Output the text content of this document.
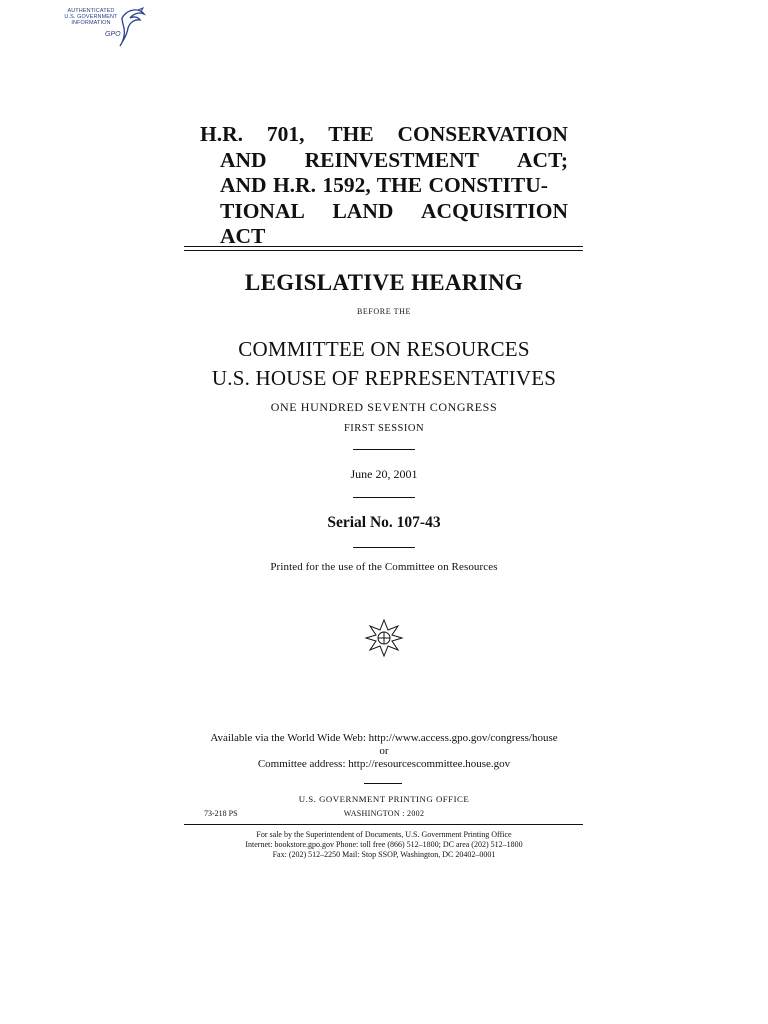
AUTHENTICATED
U.S. GOVERNMENT
INFORMATION
GPO
H.R. 701, THE CONSERVATION
AND REINVESTMENT ACT;
AND H.R. 1592, THE CONSTITU-
TIONAL LAND ACQUISITION
ACT
LEGISLATIVE HEARING
BEFORE THE
COMMITTEE ON RESOURCES
U.S. HOUSE OF REPRESENTATIVES
ONE HUNDRED SEVENTH CONGRESS
FIRST SESSION
June 20, 2001
Serial No. 107-43
Printed for the use of the Committee on Resources
Available via the World Wide Web: http://www.access.gpo.gov/congress/house
or
Committee address: http://resourcescommittee.house.gov
U.S. GOVERNMENT PRINTING OFFICE
73-218 PS	WASHINGTON : 2002
For sale by the Superintendent of Documents, U.S. Government Printing Office
Internet: bookstore.gpo.gov Phone: toll free (866) 512–1800; DC area (202) 512–1800
Fax: (202) 512–2250 Mail: Stop SSOP, Washington, DC 20402–0001
